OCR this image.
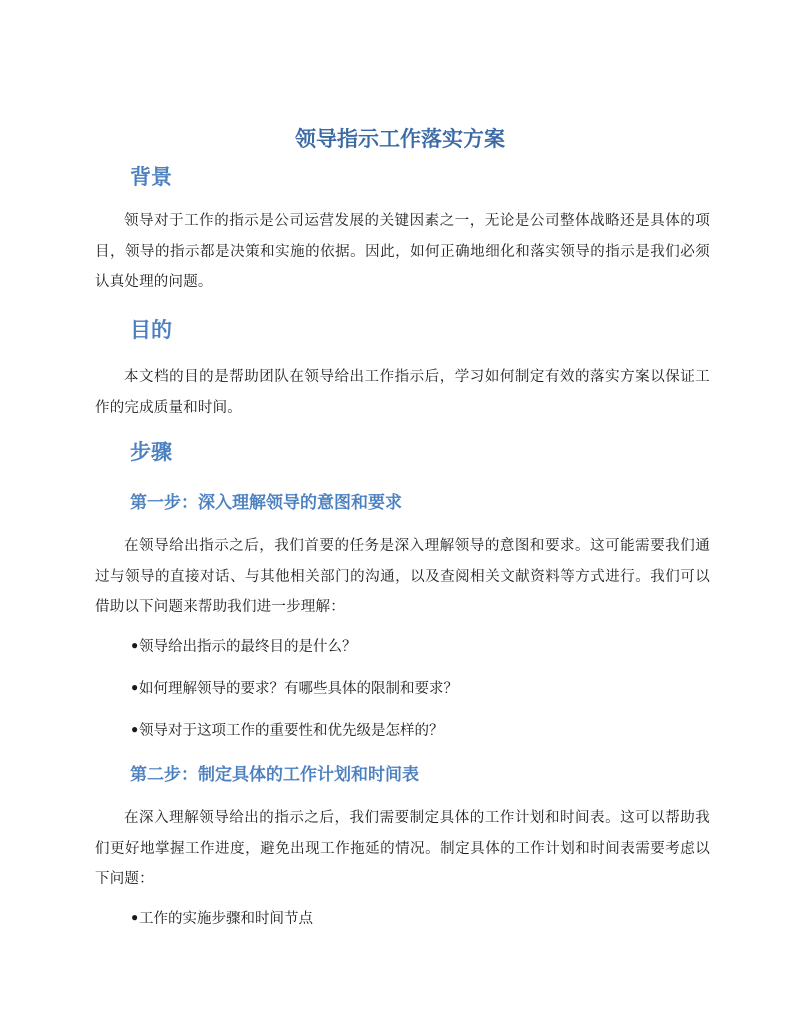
领导指示工作落实方案
背景
领导对于工作的指示是公司运营发展的关键因素之一，无论是公司整体战略还是具体的项目，领导的指示都是决策和实施的依据。因此，如何正确地细化和落实领导的指示是我们必须认真处理的问题。
目的
本文档的目的是帮助团队在领导给出工作指示后，学习如何制定有效的落实方案以保证工作的完成质量和时间。
步骤
第一步：深入理解领导的意图和要求
在领导给出指示之后，我们首要的任务是深入理解领导的意图和要求。这可能需要我们通过与领导的直接对话、与其他相关部门的沟通，以及查阅相关文献资料等方式进行。我们可以借助以下问题来帮助我们进一步理解：
•领导给出指示的最终目的是什么？
•如何理解领导的要求？有哪些具体的限制和要求？
•领导对于这项工作的重要性和优先级是怎样的？
第二步：制定具体的工作计划和时间表
在深入理解领导给出的指示之后，我们需要制定具体的工作计划和时间表。这可以帮助我们更好地掌握工作进度，避免出现工作拖延的情况。制定具体的工作计划和时间表需要考虑以下问题：
•工作的实施步骤和时间节点
